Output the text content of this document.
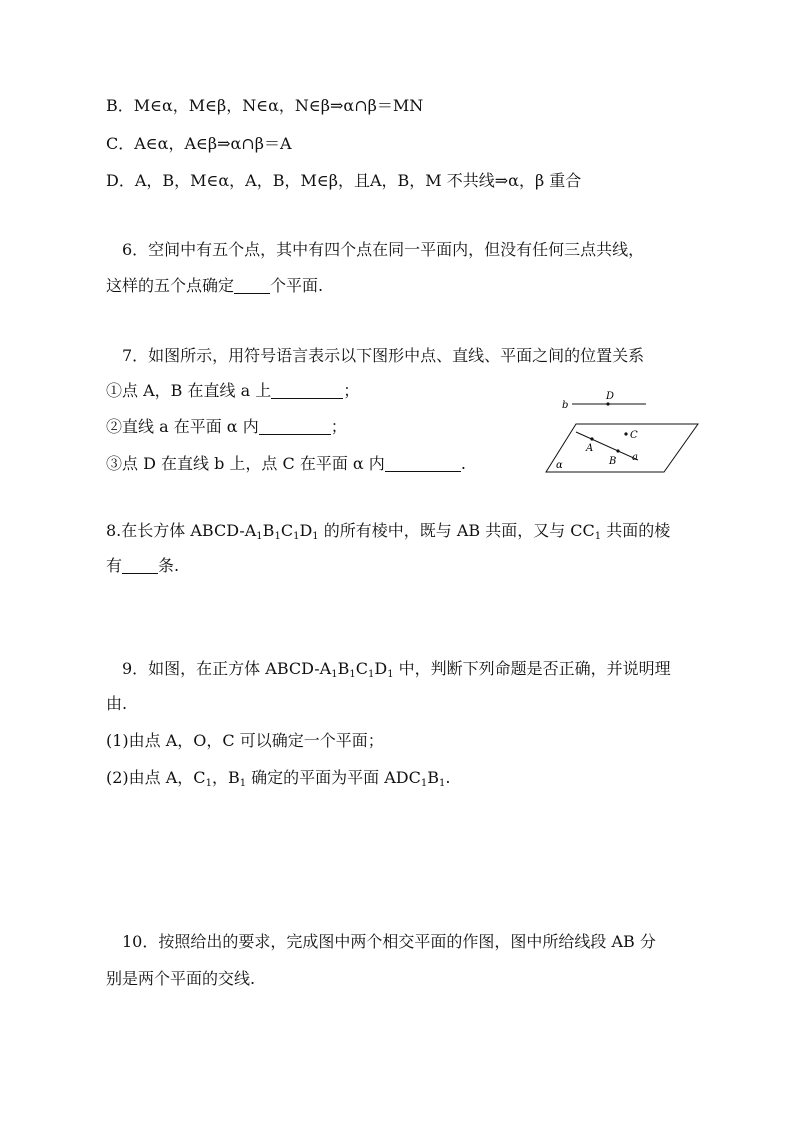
B．M∈α，M∈β，N∈α，N∈β⇒α∩β＝MN
C．A∈α，A∈β⇒α∩β＝A
D．A，B，M∈α，A，B，M∈β，且A，B，M 不共线⇒α，β 重合
6．空间中有五个点，其中有四个点在同一平面内，但没有任何三点共线，
这样的五个点确定 个平面.
7．如图所示，用符号语言表示以下图形中点、直线、平面之间的位置关系
①点 A，B 在直线 a 上	；
②直线 a 在平面 α 内	；
③点 D 在直线 b 上，点 C 在平面 α 内	.
b
D
C
A
B a
α
8.在长方体 ABCD-$A_1B_1C_1D_1$ 的所有棱中，既与 AB 共面，又与 $CC_1$ 共面的棱
有 条.
9．如图，在正方体 ABCD-$A_1B_1C_1D_1$ 中，判断下列命题是否正确，并说明理
由.
(1)由点 A，O，C 可以确定一个平面；
(2)由点 A，$C_1$，$B_1$ 确定的平面为平面 $ADC_1B_1$.
10．按照给出的要求，完成图中两个相交平面的作图，图中所给线段 AB 分
别是两个平面的交线.
